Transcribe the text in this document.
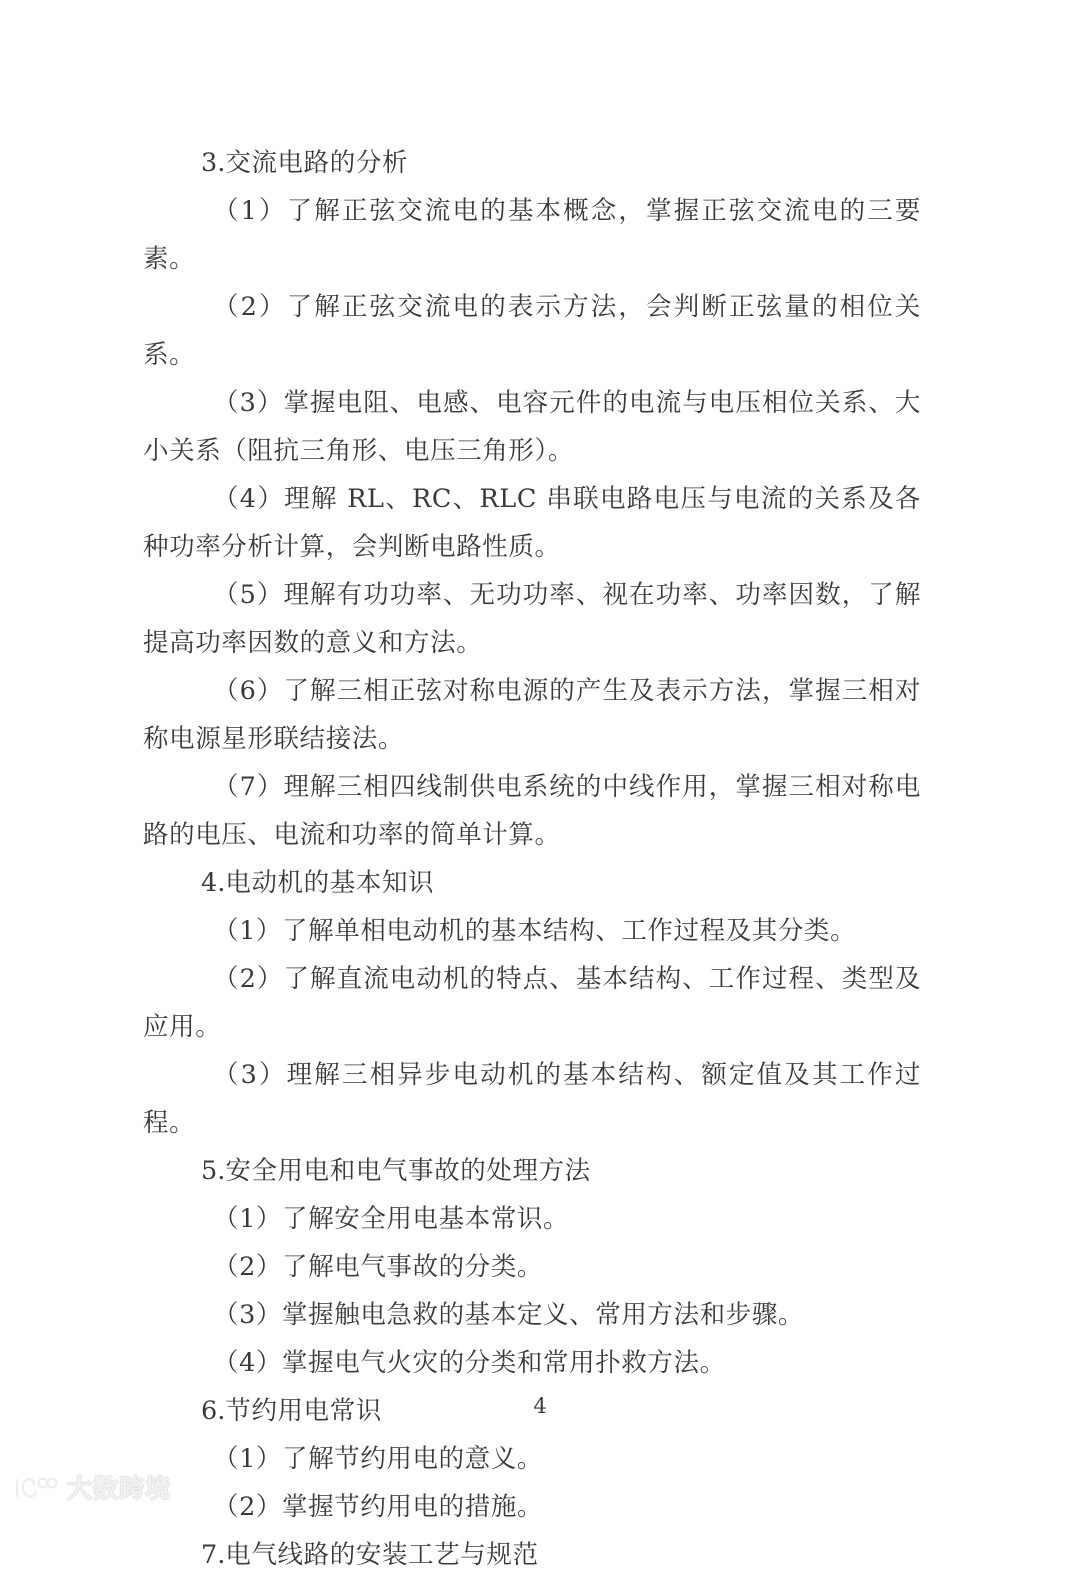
3.交流电路的分析
（1）了解正弦交流电的基本概念，掌握正弦交流电的三要素。
（2）了解正弦交流电的表示方法，会判断正弦量的相位关系。
（3）掌握电阻、电感、电容元件的电流与电压相位关系、大小关系（阻抗三角形、电压三角形）。
（4）理解 RL、RC、RLC 串联电路电压与电流的关系及各种功率分析计算，会判断电路性质。
（5）理解有功功率、无功功率、视在功率、功率因数，了解提高功率因数的意义和方法。
（6）了解三相正弦对称电源的产生及表示方法，掌握三相对称电源星形联结接法。
（7）理解三相四线制供电系统的中线作用，掌握三相对称电路的电压、电流和功率的简单计算。
4.电动机的基本知识
（1）了解单相电动机的基本结构、工作过程及其分类。
（2）了解直流电动机的特点、基本结构、工作过程、类型及应用。
（3）理解三相异步电动机的基本结构、额定值及其工作过程。
5.安全用电和电气事故的处理方法
（1）了解安全用电基本常识。
（2）了解电气事故的分类。
（3）掌握触电急救的基本定义、常用方法和步骤。
（4）掌握电气火灾的分类和常用扑救方法。
6.节约用电常识
（1）了解节约用电的意义。
（2）掌握节约用电的措施。
7.电气线路的安装工艺与规范
4
大数跨境
